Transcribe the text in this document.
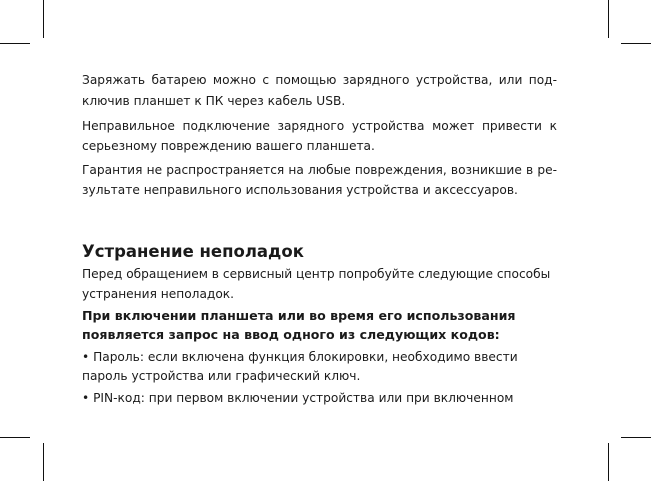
Заряжать батарею можно с помощью зарядного устройства, или под-
ключив планшет к ПК через кабель USB.
Неправильное подключение зарядного устройства может привести к
серьезному повреждению вашего планшета.
Гарантия не распространяется на любые повреждения, возникшие в ре-
зультате неправильного использования устройства и аксессуаров.
Устранение неполадок
Перед обращением в сервисный центр попробуйте следующие способы
устранения неполадок.
При включении планшета или во время его использования
появляется запрос на ввод одного из следующих кодов:
• Пароль: если включена функция блокировки, необходимо ввести
пароль устройства или графический ключ.
• PIN-код: при первом включении устройства или при включенном
